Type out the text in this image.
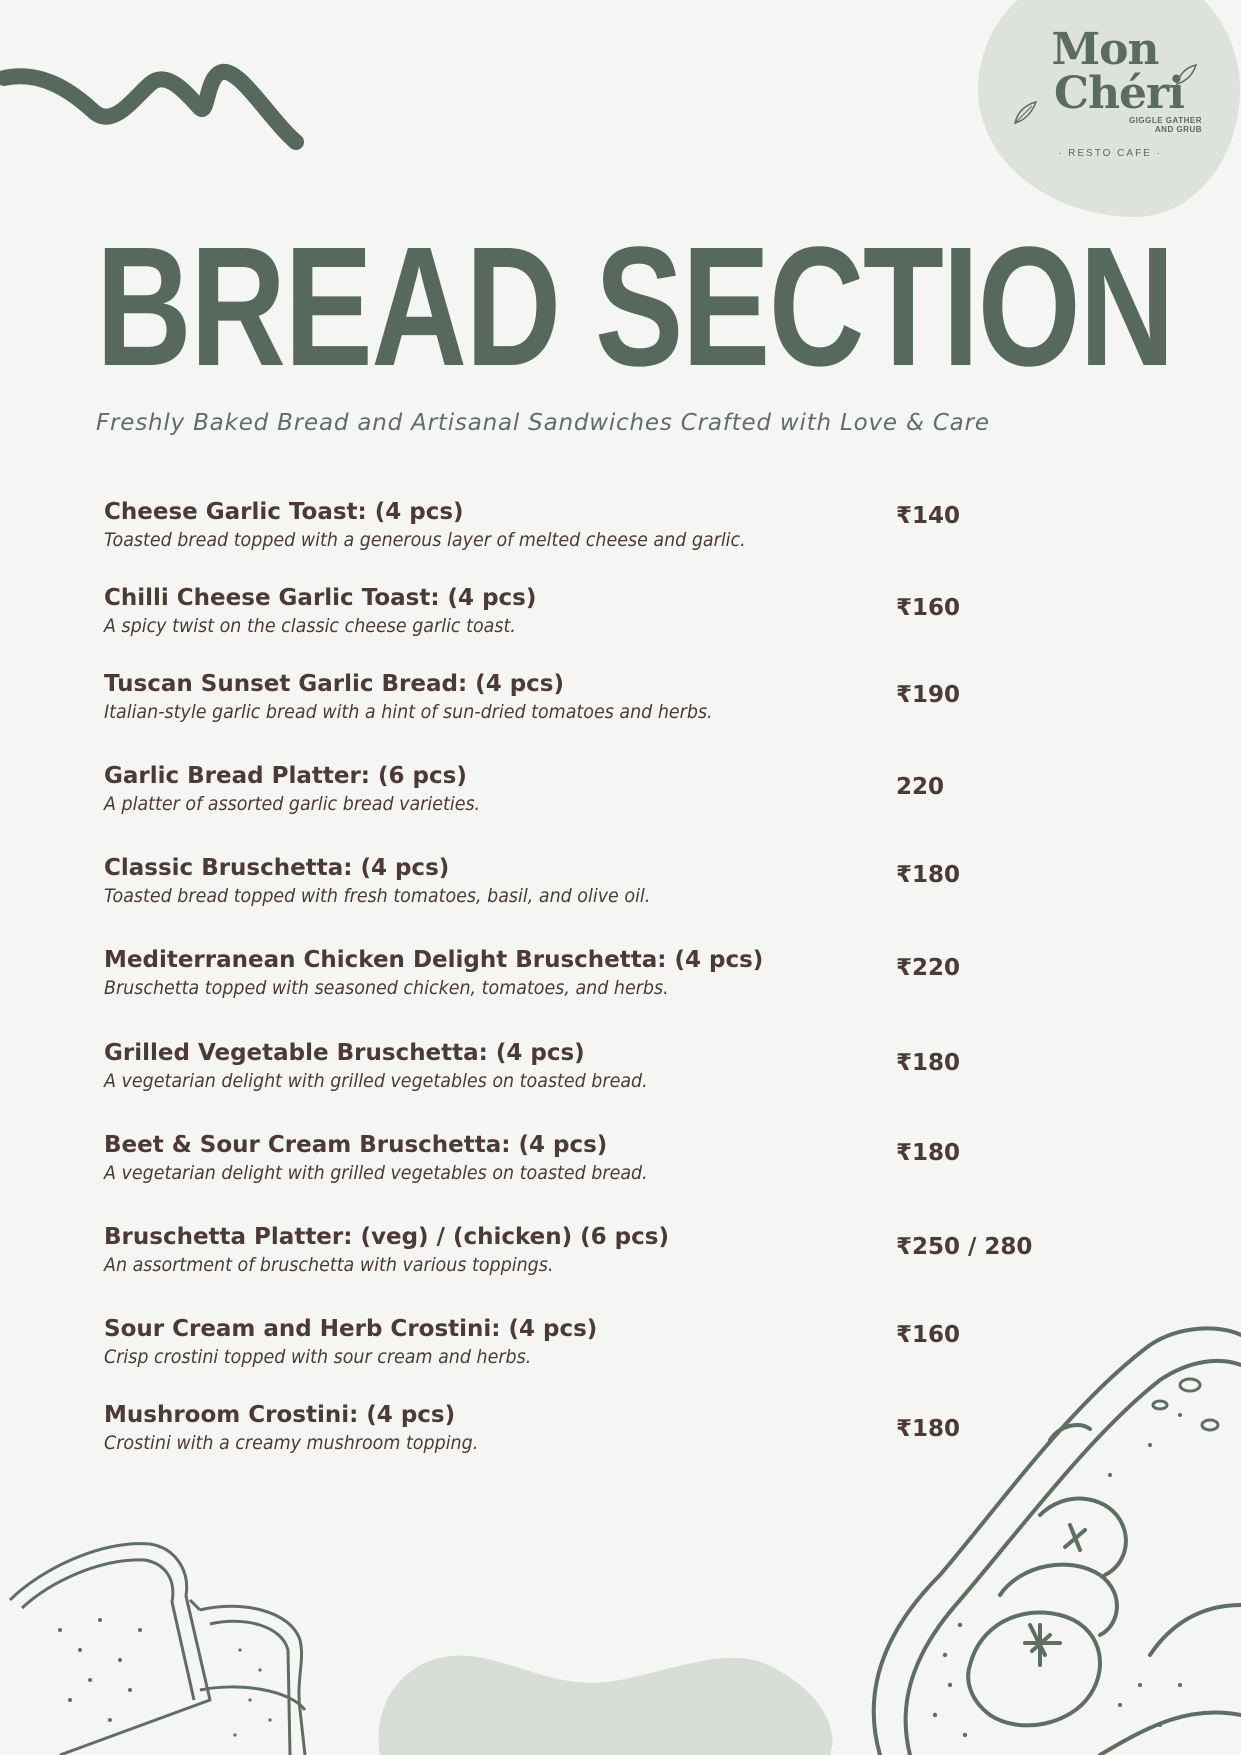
Mon
Chéri
GIGGLE GATHER
AND GRUB
· RESTO CAFE ·
BREAD SECTION

Freshly Baked Bread and Artisanal Sandwiches Crafted with Love & Care

Cheese Garlic Toast: (4 pcs)
Toasted bread topped with a generous layer of melted cheese and garlic.
₹140
Chilli Cheese Garlic Toast: (4 pcs)
A spicy twist on the classic cheese garlic toast.
₹160
Tuscan Sunset Garlic Bread: (4 pcs)
Italian-style garlic bread with a hint of sun-dried tomatoes and herbs.
₹190
Garlic Bread Platter: (6 pcs)
A platter of assorted garlic bread varieties.
220
Classic Bruschetta: (4 pcs)
Toasted bread topped with fresh tomatoes, basil, and olive oil.
₹180
Mediterranean Chicken Delight Bruschetta: (4 pcs)
Bruschetta topped with seasoned chicken, tomatoes, and herbs.
₹220
Grilled Vegetable Bruschetta: (4 pcs)
A vegetarian delight with grilled vegetables on toasted bread.
₹180
Beet & Sour Cream Bruschetta: (4 pcs)
A vegetarian delight with grilled vegetables on toasted bread.
₹180
Bruschetta Platter: (veg) / (chicken) (6 pcs)
An assortment of bruschetta with various toppings.
₹250 / 280
Sour Cream and Herb Crostini: (4 pcs)
Crisp crostini topped with sour cream and herbs.
₹160
Mushroom Crostini: (4 pcs)
Crostini with a creamy mushroom topping.
₹180
